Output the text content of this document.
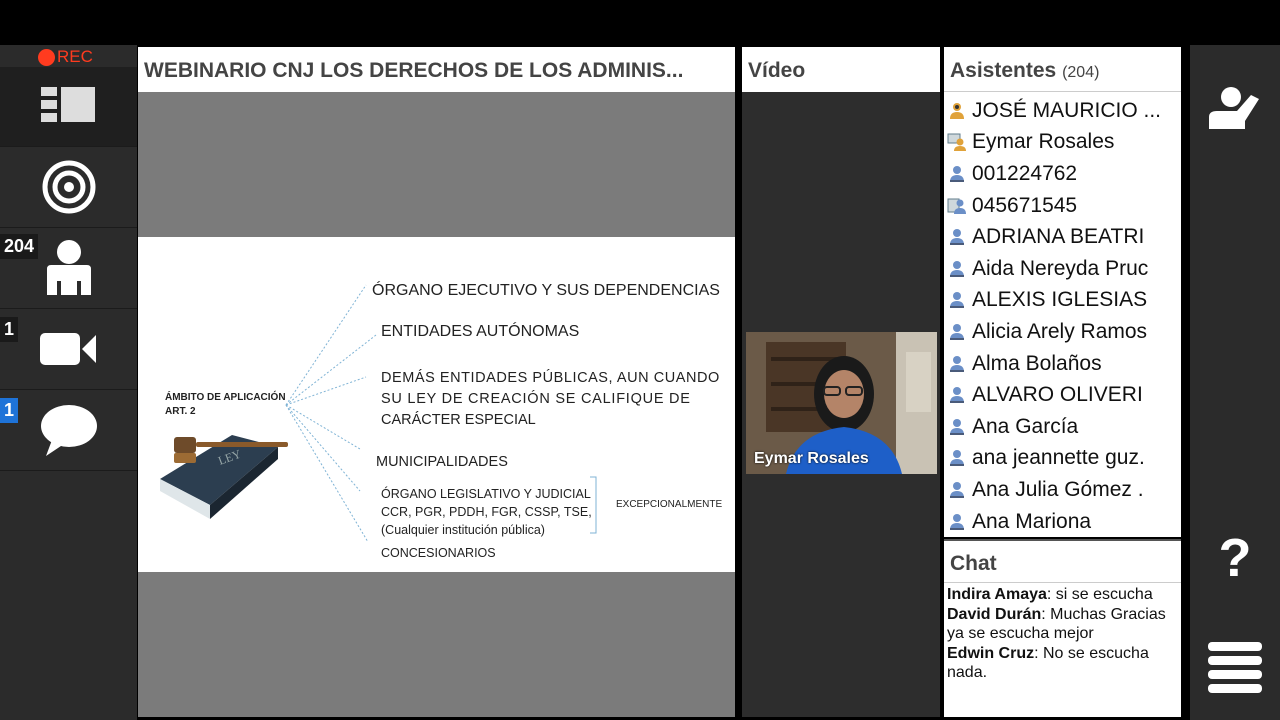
REC
204
1
1
WEBINARIO CNJ LOS DERECHOS DE LOS ADMINIS...
ÁMBITO DE APLICACIÓN
ART. 2
LEY
ÓRGANO EJECUTIVO Y SUS DEPENDENCIAS
ENTIDADES AUTÓNOMAS
DEMÁS ENTIDADES PÚBLICAS, AUN CUANDO
SU LEY DE CREACIÓN SE CALIFIQUE DE
CARÁCTER ESPECIAL
MUNICIPALIDADES
ÓRGANO LEGISLATIVO Y JUDICIAL
CCR, PGR, PDDH, FGR, CSSP, TSE,
(Cualquier institución pública)
CONCESIONARIOS
EXCEPCIONALMENTE
Vídeo
Eymar Rosales
Asistentes (204)
JOSÉ MAURICIO ...
Eymar Rosales
001224762
045671545
ADRIANA BEATRI
Aida Nereyda Pruc
ALEXIS IGLESIAS
Alicia Arely Ramos
Alma Bolaños
ALVARO OLIVERI
Ana García
ana jeannette guz.
Ana Julia Gómez .
Ana Mariona
Chat
Indira Amaya: si se escucha
David Durán: Muchas Gracias ya se escucha mejor
Edwin Cruz: No se escucha nada.
?
